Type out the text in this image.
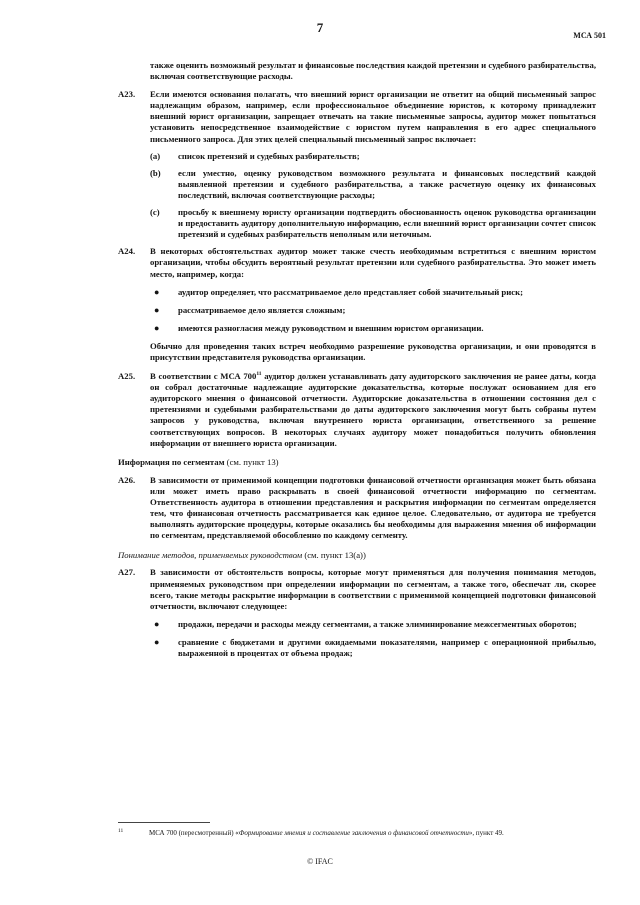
7
МСА 501

также оценить возможный результат и финансовые последствия каждой претензии и судебного разбирательства, включая соответствующие расходы.

A23.	Если имеются основания полагать, что внешний юрист организации не ответит на общий письменный запрос надлежащим образом, например, если профессиональное объединение юристов, к которому принадлежит внешний юрист организации, запрещает отвечать на такие письменные запросы, аудитор может попытаться установить непосредственное взаимодействие с юристом путем направления в его адрес специального письменного запроса. Для этих целей специальный письменный запрос включает:

(a) список претензий и судебных разбирательств;

(b) если уместно, оценку руководством возможного результата и финансовых последствий каждой выявленной претензии и судебного разбирательства, а также расчетную оценку их финансовых последствий, включая соответствующие расходы;

(c) просьбу к внешнему юристу организации подтвердить обоснованность оценок руководства организации и предоставить аудитору дополнительную информацию, если внешний юрист организации сочтет список претензий и судебных разбирательств неполным или неточным.

A24.	В некоторых обстоятельствах аудитор может также счесть необходимым встретиться с внешним юристом организации, чтобы обсудить вероятный результат претензии или судебного разбирательства. Это может иметь место, например, когда:

● аудитор определяет, что рассматриваемое дело представляет собой значительный риск;

● рассматриваемое дело является сложным;

● имеются разногласия между руководством и внешним юристом организации.

Обычно для проведения таких встреч необходимо разрешение руководства организации, и они проводятся в присутствии представителя руководства организации.

A25.	В соответствии с МСА $700^{11}$ аудитор должен устанавливать дату аудиторского заключения не ранее даты, когда он собрал достаточные надлежащие аудиторские доказательства, которые послужат основанием для его аудиторского мнения о финансовой отчетности. Аудиторские доказательства в отношении состояния дел с претензиями и судебными разбирательствами до даты аудиторского заключения могут быть собраны путем запросов у руководства, включая внутреннего юриста организации, ответственного за решение соответствующих вопросов. В некоторых случаях аудитору может понадобиться получить обновления информации от внешнего юриста организации.

Информация по сегментам (см. пункт 13)

A26.	В зависимости от применимой концепции подготовки финансовой отчетности организация может быть обязана или может иметь право раскрывать в своей финансовой отчетности информацию по сегментам. Ответственность аудитора в отношении представления и раскрытия информации по сегментам определяется тем, что финансовая отчетность рассматривается как единое целое. Следовательно, от аудитора не требуется выполнять аудиторские процедуры, которые оказались бы необходимы для выражения мнения об информации по сегментам, представляемой обособленно по каждому сегменту.

Понимание методов, применяемых руководством (см. пункт 13(a))

A27.	В зависимости от обстоятельств вопросы, которые могут применяться для получения понимания методов, применяемых руководством при определении информации по сегментам, а также того, обеспечат ли, скорее всего, такие методы раскрытие информации в соответствии с применимой концепцией подготовки финансовой отчетности, включают следующее:

● продажи, передачи и расходы между сегментами, а также элиминирование межсегментных оборотов;

● сравнение с бюджетами и другими ожидаемыми показателями, например с операционной прибылью, выраженной в процентах от объема продаж;

11	МСА 700 (пересмотренный) «Формирование мнения и составление заключения о финансовой отчетности», пункт 49.
© IFAC
